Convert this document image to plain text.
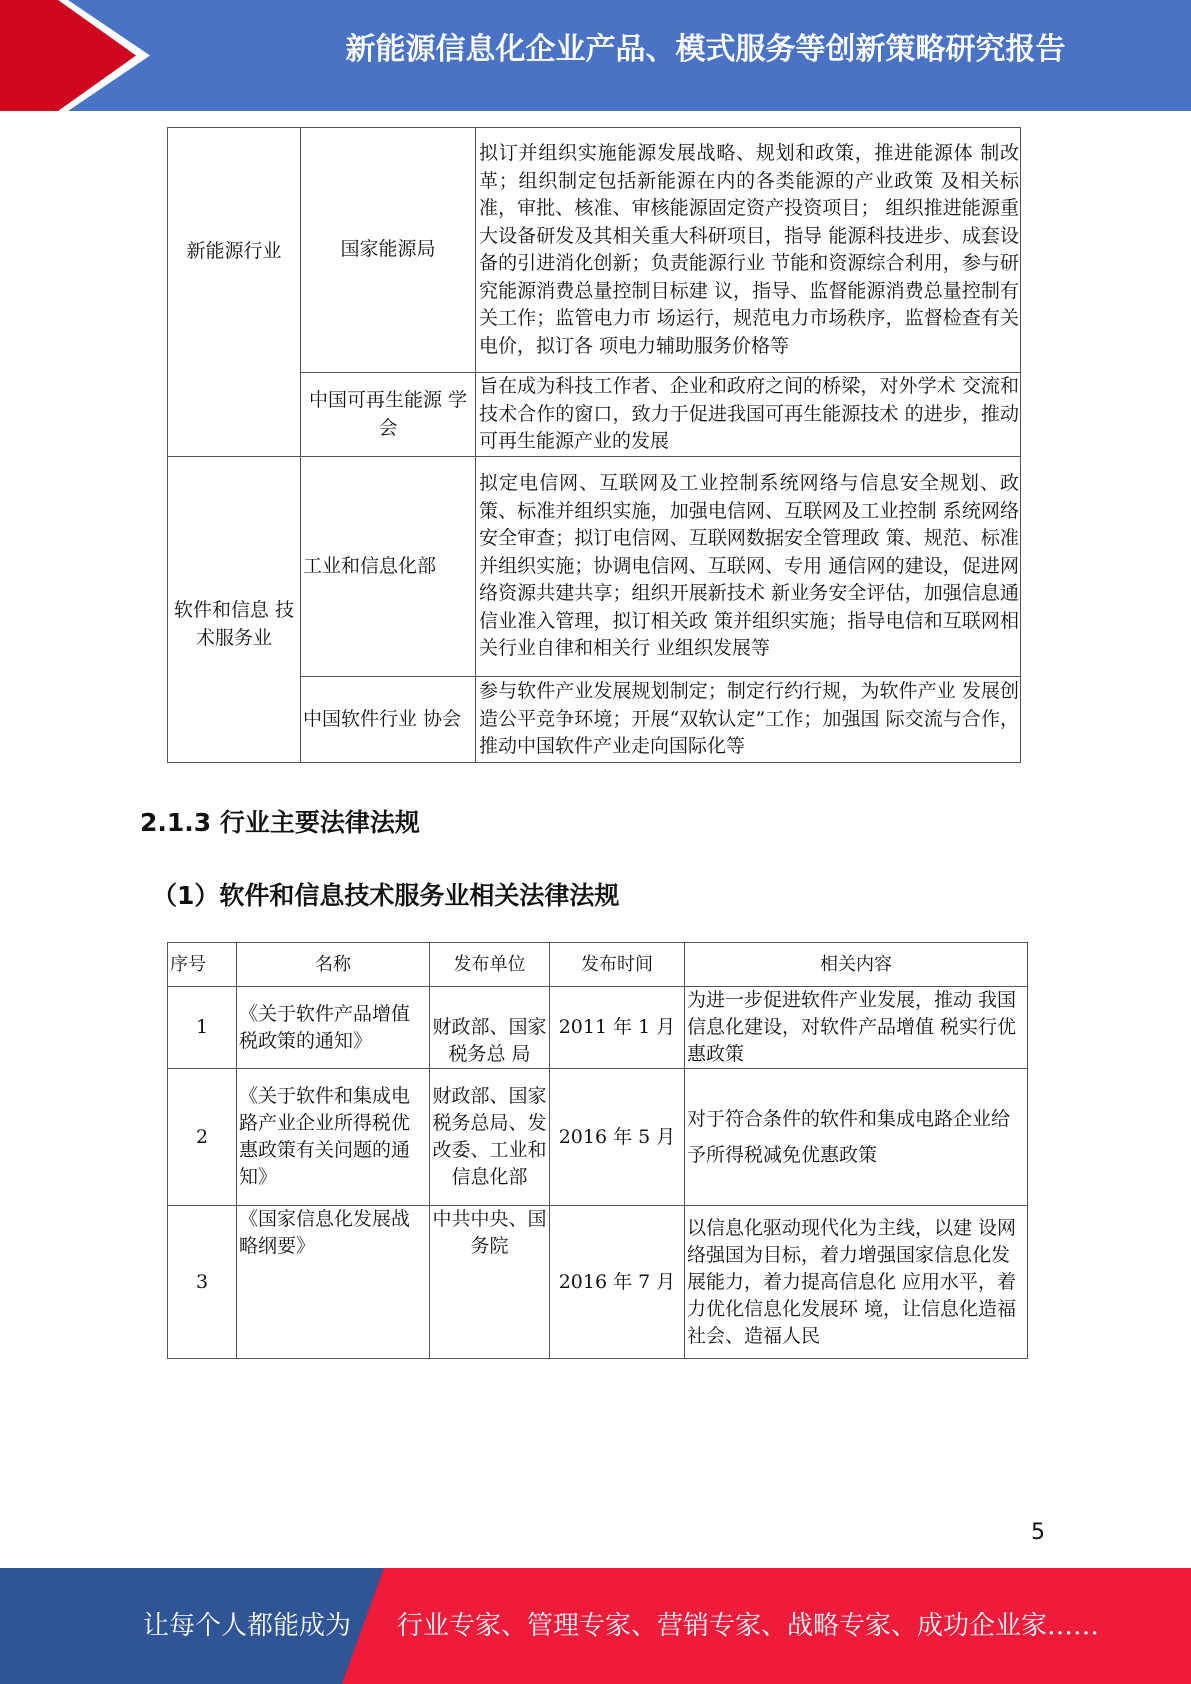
新能源信息化企业产品、模式服务等创新策略研究报告
新能源行业	国家能源局	拟订并组织实施能源发展战略、规划和政策，推进能源体 制改革；组织制定包括新能源在内的各类能源的产业政策 及相关标准，审批、核准、审核能源固定资产投资项目； 组织推进能源重大设备研发及其相关重大科研项目，指导 能源科技进步、成套设备的引进消化创新；负责能源行业 节能和资源综合利用，参与研究能源消费总量控制目标建 议，指导、监督能源消费总量控制有关工作；监管电力市 场运行，规范电力市场秩序，监督检查有关电价，拟订各 项电力辅助服务价格等
	中国可再生能源 学会	旨在成为科技工作者、企业和政府之间的桥梁，对外学术 交流和技术合作的窗口，致力于促进我国可再生能源技术 的进步，推动可再生能源产业的发展
软件和信息 技术服务业	工业和信息化部	拟定电信网、互联网及工业控制系统网络与信息安全规划、政策、标准并组织实施，加强电信网、互联网及工业控制 系统网络安全审查；拟订电信网、互联网数据安全管理政 策、规范、标准并组织实施；协调电信网、互联网、专用 通信网的建设，促进网络资源共建共享；组织开展新技术 新业务安全评估，加强信息通信业准入管理，拟订相关政 策并组织实施；指导电信和互联网相关行业自律和相关行 业组织发展等
	中国软件行业 协会	参与软件产业发展规划制定；制定行约行规，为软件产业 发展创造公平竞争环境；开展“双软认定”工作；加强国 际交流与合作，推动中国软件产业走向国际化等
2.1.3 行业主要法律法规
（1）软件和信息技术服务业相关法律法规
序号	名称	发布单位	发布时间	相关内容
1	《关于软件产品增值税政策的通知》	财政部、国家税务总 局	2011 年 1 月	为进一步促进软件产业发展，推动 我国信息化建设，对软件产品增值 税实行优惠政策
2	《关于软件和集成电路产业企业所得税优惠政策有关问题的通知》	财政部、国家税务总局、发改委、工业和信息化部	2016 年 5 月	对于符合条件的软件和集成电路企业给予所得税减免优惠政策
3	《国家信息化发展战略纲要》	中共中央、国务院	2016 年 7 月	以信息化驱动现代化为主线，以建 设网络强国为目标，着力增强国家信息化发展能力，着力提高信息化 应用水平，着力优化信息化发展环 境，让信息化造福社会、造福人民
5
让每个人都能成为 行业专家、管理专家、营销专家、战略专家、成功企业家……
